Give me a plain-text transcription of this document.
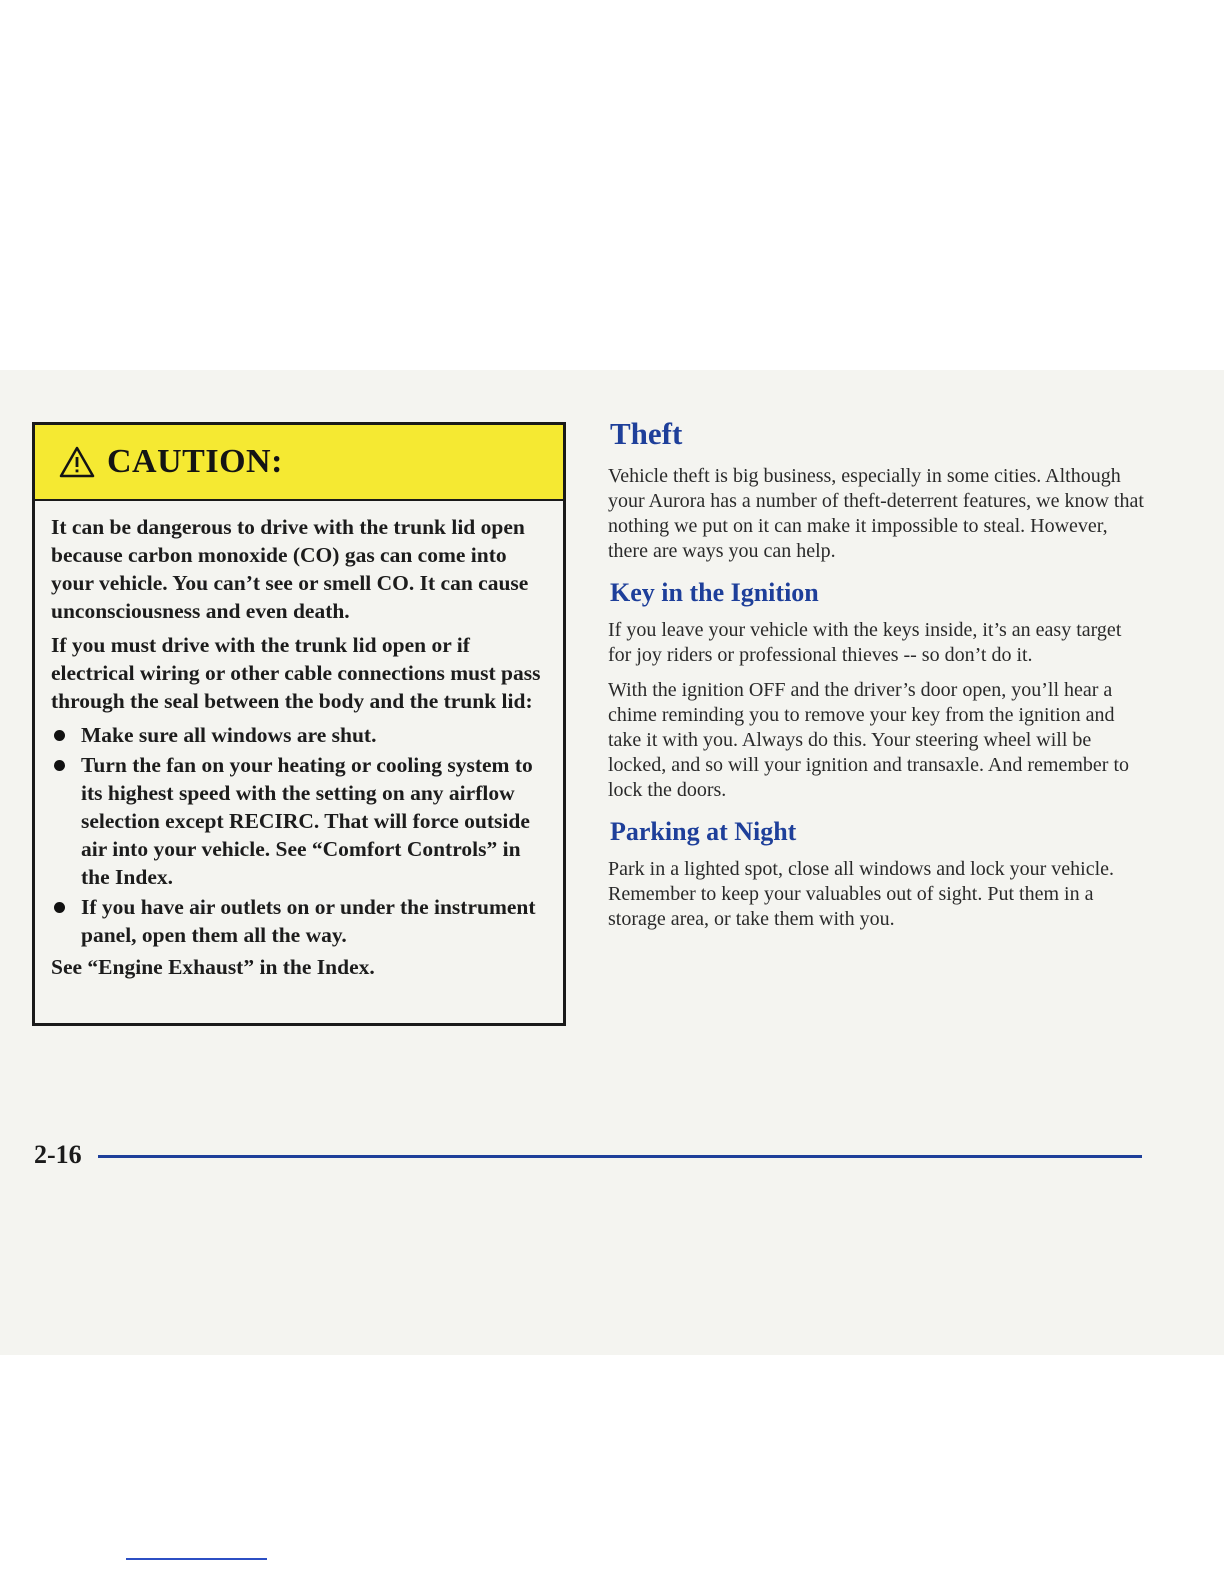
CAUTION:

It can be dangerous to drive with the trunk lid open because carbon monoxide (CO) gas can come into your vehicle. You can’t see or smell CO. It can cause unconsciousness and even death.

If you must drive with the trunk lid open or if electrical wiring or other cable connections must pass through the seal between the body and the trunk lid:

Make sure all windows are shut.
Turn the fan on your heating or cooling system to its highest speed with the setting on any airflow selection except RECIRC. That will force outside air into your vehicle. See “Comfort Controls” in the Index.
If you have air outlets on or under the instrument panel, open them all the way.

See “Engine Exhaust” in the Index.

Theft

Vehicle theft is big business, especially in some cities. Although your Aurora has a number of theft-deterrent features, we know that nothing we put on it can make it impossible to steal. However, there are ways you can help.

Key in the Ignition

If you leave your vehicle with the keys inside, it’s an easy target for joy riders or professional thieves -- so don’t do it.

With the ignition OFF and the driver’s door open, you’ll hear a chime reminding you to remove your key from the ignition and take it with you. Always do this. Your steering wheel will be locked, and so will your ignition and transaxle. And remember to lock the doors.

Parking at Night

Park in a lighted spot, close all windows and lock your vehicle. Remember to keep your valuables out of sight. Put them in a storage area, or take them with you.

2-16
